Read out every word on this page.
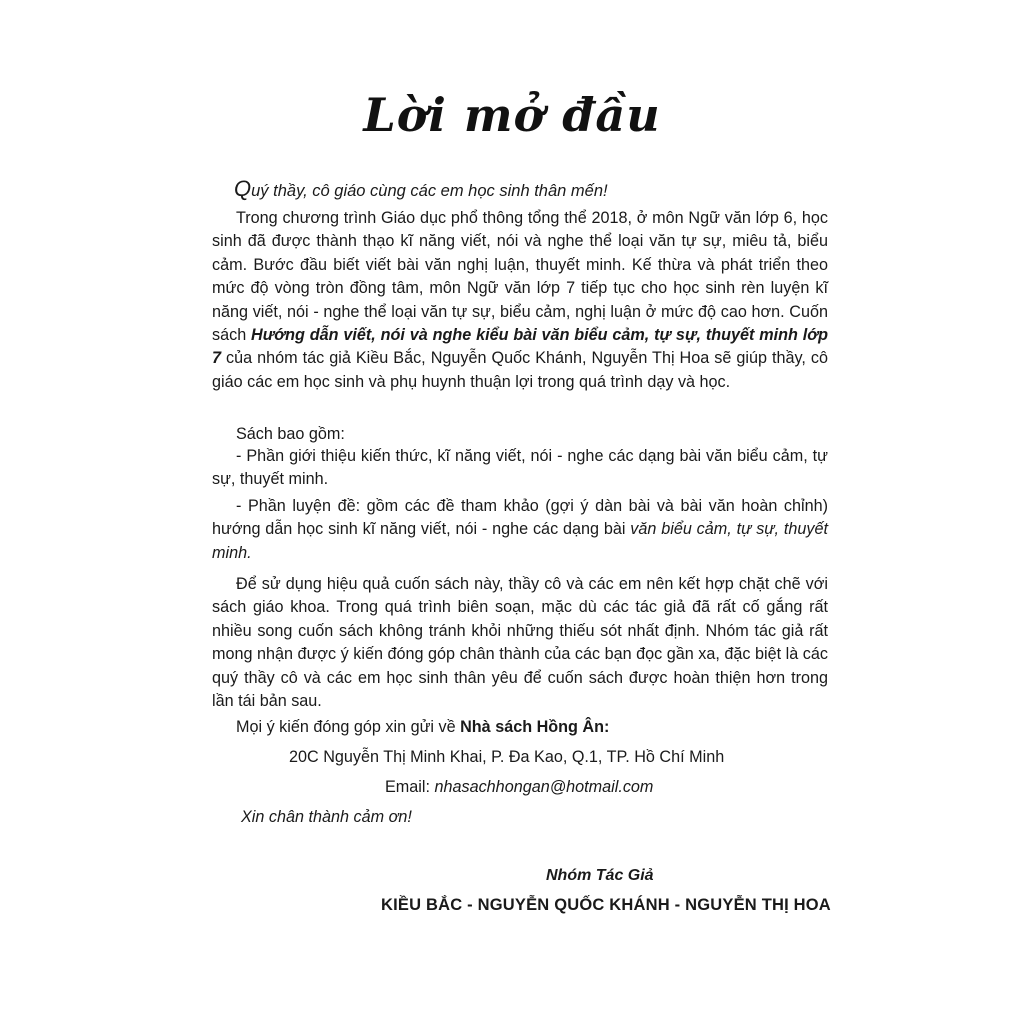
Lời mở đầu
Quý thầy, cô giáo cùng các em học sinh thân mến!

Trong chương trình Giáo dục phổ thông tổng thể 2018, ở môn Ngữ văn lớp 6, học sinh đã được thành thạo kĩ năng viết, nói và nghe thể loại văn tự sự, miêu tả, biểu cảm. Bước đầu biết viết bài văn nghị luận, thuyết minh. Kế thừa và phát triển theo mức độ vòng tròn đồng tâm, môn Ngữ văn lớp 7 tiếp tục cho học sinh rèn luyện kĩ năng viết, nói - nghe thể loại văn tự sự, biểu cảm, nghị luận ở mức độ cao hơn. Cuốn sách Hướng dẫn viết, nói và nghe kiểu bài văn biểu cảm, tự sự, thuyết minh lớp 7 của nhóm tác giả Kiều Bắc, Nguyễn Quốc Khánh, Nguyễn Thị Hoa sẽ giúp thầy, cô giáo các em học sinh và phụ huynh thuận lợi trong quá trình dạy và học.

Sách bao gồm:

- Phần giới thiệu kiến thức, kĩ năng viết, nói - nghe các dạng bài văn biểu cảm, tự sự, thuyết minh.

- Phần luyện đề: gồm các đề tham khảo (gợi ý dàn bài và bài văn hoàn chỉnh) hướng dẫn học sinh kĩ năng viết, nói - nghe các dạng bài văn biểu cảm, tự sự, thuyết minh.

Để sử dụng hiệu quả cuốn sách này, thầy cô và các em nên kết hợp chặt chẽ với sách giáo khoa. Trong quá trình biên soạn, mặc dù các tác giả đã rất cố gắng rất nhiều song cuốn sách không tránh khỏi những thiếu sót nhất định. Nhóm tác giả rất mong nhận được ý kiến đóng góp chân thành của các bạn đọc gần xa, đặc biệt là các quý thầy cô và các em học sinh thân yêu để cuốn sách được hoàn thiện hơn trong lần tái bản sau.

Mọi ý kiến đóng góp xin gửi về Nhà sách Hồng Ân:
20C Nguyễn Thị Minh Khai, P. Đa Kao, Q.1, TP. Hồ Chí Minh
Email: nhasachhongan@hotmail.com
Xin chân thành cảm ơn!
Nhóm Tác Giả
KIỀU BẮC - NGUYỄN QUỐC KHÁNH - NGUYỄN THỊ HOA
